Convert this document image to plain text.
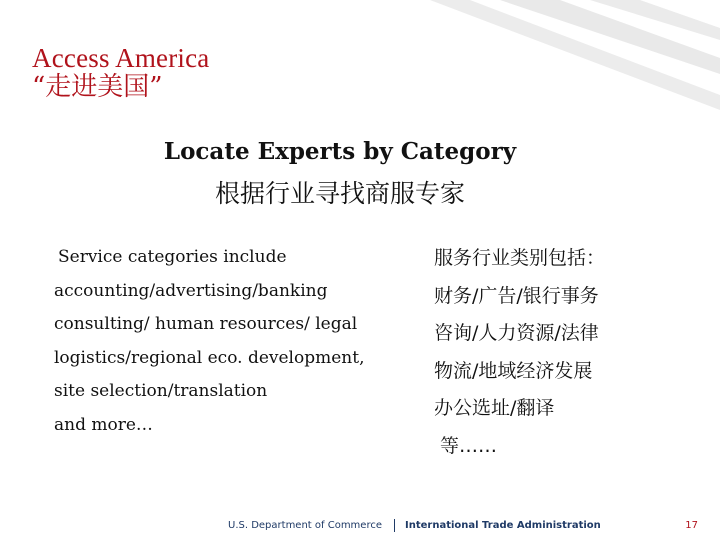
Access America
“走进美国”
Locate Experts by Category
根据行业寻找商服专家
Service categories include
accounting/advertising/banking
consulting/ human resources/ legal
logistics/regional eco. development,
site selection/translation
and more…
服务行业类别包括：
财务/广告/银行事务
咨询/人力资源/法律
物流/地域经济发展
办公选址/翻译
等……
U.S. Department of Commerce International Trade Administration	17
